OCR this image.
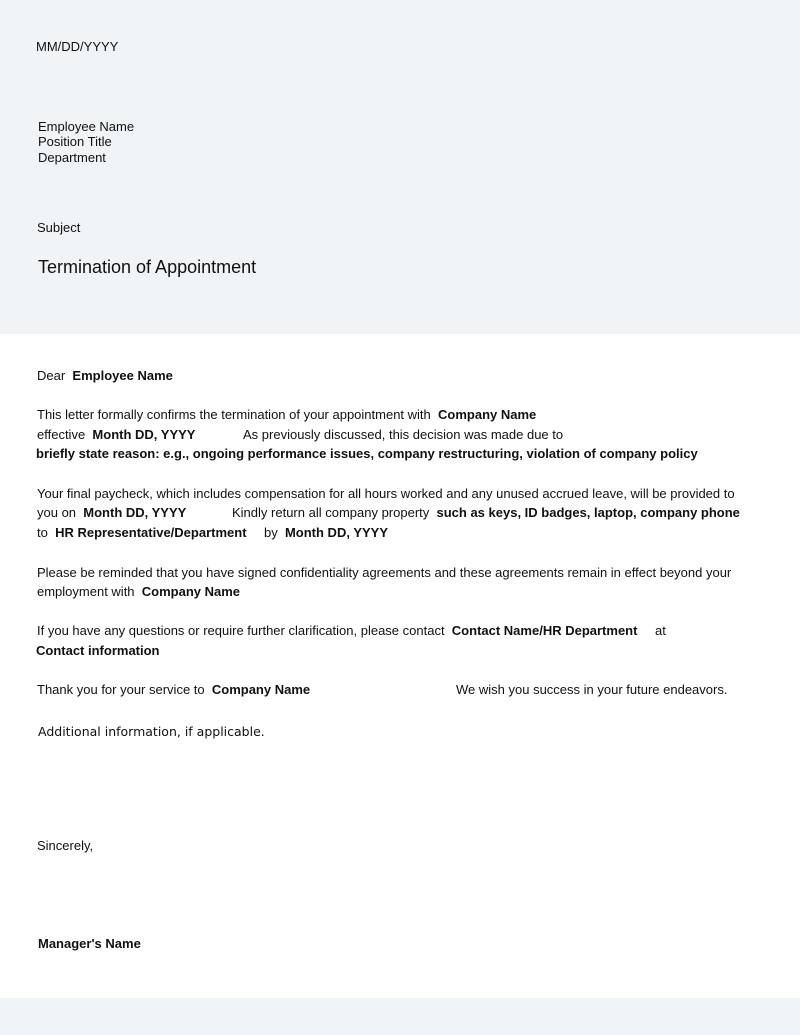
MM/DD/YYYY
Employee Name
Position Title
Department
Subject
Termination of Appointment
Dear Employee Name
This letter formally confirms the termination of your appointment with Company Name
effective Month DD, YYYY	As previously discussed, this decision was made due to
briefly state reason: e.g., ongoing performance issues, company restructuring, violation of company policy
Your final paycheck, which includes compensation for all hours worked and any unused accrued leave, will be provided to
you on Month DD, YYYY	Kindly return all company property such as keys, ID badges, laptop, company phone
to HR Representative/Department by Month DD, YYYY
Please be reminded that you have signed confidentiality agreements and these agreements remain in effect beyond your
employment with Company Name
If you have any questions or require further clarification, please contact Contact Name/HR Department at
Contact information
Thank you for your service to Company Name	We wish you success in your future endeavors.
Additional information, if applicable.
Sincerely,
Manager's Name
